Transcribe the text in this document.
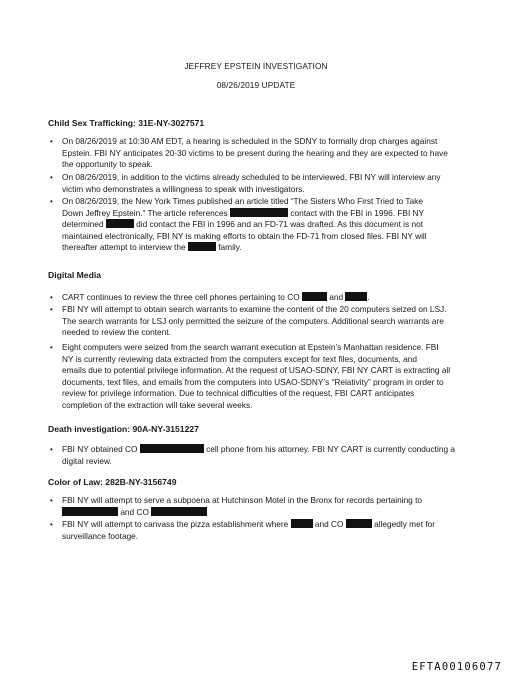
JEFFREY EPSTEIN INVESTIGATION
08/26/2019 UPDATE
Child Sex Trafficking: 31E-NY-3027571
• On 08/26/2019 at 10:30 AM EDT, a hearing is scheduled in the SDNY to formally drop charges against
Epstein. FBI NY anticipates 20-30 victims to be present during the hearing and they are expected to have
the opportunity to speak.
• On 08/26/2019, in addition to the victims already scheduled to be interviewed, FBI NY will interview any
victim who demonstrates a willingness to speak with investigators.
• On 08/26/2019, the New York Times published an article titled “The Sisters Who First Tried to Take
Down Jeffrey Epstein.” The article references	contact with the FBI in 1996. FBI NY
determined	did contact the FBI in 1996 and an FD-71 was drafted. As this document is not
maintained electronically, FBI NY is making efforts to obtain the FD-71 from closed files. FBI NY will
thereafter attempt to interview the	family.
Digital Media
• CART continues to review the three cell phones pertaining to CO	and	.
• FBI NY will attempt to obtain search warrants to examine the content of the 20 computers seized on LSJ.
The search warrants for LSJ only permitted the seizure of the computers. Additional search warrants are
needed to review the content.
• Eight computers were seized from the search warrant execution at Epstein’s Manhattan residence. FBI
NY is currently reviewing data extracted from the computers except for text files, documents, and
emails due to potential privilege information. At the request of USAO-SDNY, FBI NY CART is extracting all
documents, text files, and emails from the computers into USAO-SDNY’s “Relativity” program in order to
review for privilege information. Due to technical difficulties of the request, FBI CART anticipates
completion of the extraction will take several weeks.
Death investigation: 90A-NY-3151227
• FBI NY obtained CO	cell phone from his attorney. FBI NY CART is currently conducting a
digital review.
Color of Law: 282B-NY-3156749
• FBI NY will attempt to serve a subpoena at Hutchinson Motel in the Bronx for records pertaining to
and CO
• FBI NY will attempt to canvass the pizza establishment where	and CO	allegedly met for
surveillance footage.
EFTA00106077
